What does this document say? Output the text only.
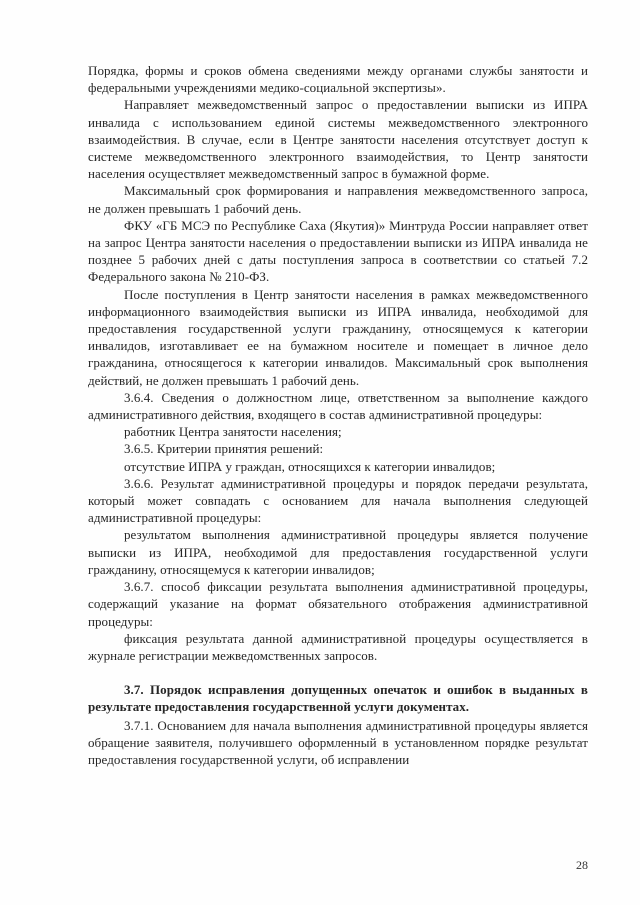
Порядка, формы и сроков обмена сведениями между органами службы занятости и федеральными учреждениями медико-социальной экспертизы».

Направляет межведомственный запрос о предоставлении выписки из ИПРА инвалида с использованием единой системы межведомственного электронного взаимодействия. В случае, если в Центре занятости населения отсутствует доступ к системе межведомственного электронного взаимодействия, то Центр занятости населения осуществляет межведомственный запрос в бумажной форме.

Максимальный срок формирования и направления межведомственного запроса, не должен превышать 1 рабочий день.

ФКУ «ГБ МСЭ по Республике Саха (Якутия)» Минтруда России направляет ответ на запрос Центра занятости населения о предоставлении выписки из ИПРА инвалида не позднее 5 рабочих дней с даты поступления запроса в соответствии со статьей 7.2 Федерального закона № 210-ФЗ.

После поступления в Центр занятости населения в рамках межведомственного информационного взаимодействия выписки из ИПРА инвалида, необходимой для предоставления государственной услуги гражданину, относящемуся к категории инвалидов, изготавливает ее на бумажном носителе и помещает в личное дело гражданина, относящегося к категории инвалидов. Максимальный срок выполнения действий, не должен превышать 1 рабочий день.

3.6.4. Сведения о должностном лице, ответственном за выполнение каждого административного действия, входящего в состав административной процедуры:

работник Центра занятости населения;

3.6.5. Критерии принятия решений:

отсутствие ИПРА у граждан, относящихся к категории инвалидов;

3.6.6. Результат административной процедуры и порядок передачи результата, который может совпадать с основанием для начала выполнения следующей административной процедуры:

результатом выполнения административной процедуры является получение выписки из ИПРА, необходимой для предоставления государственной услуги гражданину, относящемуся к категории инвалидов;

3.6.7. способ фиксации результата выполнения административной процедуры, содержащий указание на формат обязательного отображения административной процедуры:

фиксация результата данной административной процедуры осуществляется в журнале регистрации межведомственных запросов.

3.7. Порядок исправления допущенных опечаток и ошибок в выданных в результате предоставления государственной услуги документах.

3.7.1. Основанием для начала выполнения административной процедуры является обращение заявителя, получившего оформленный в установленном порядке результат предоставления государственной услуги, об исправлении

28
